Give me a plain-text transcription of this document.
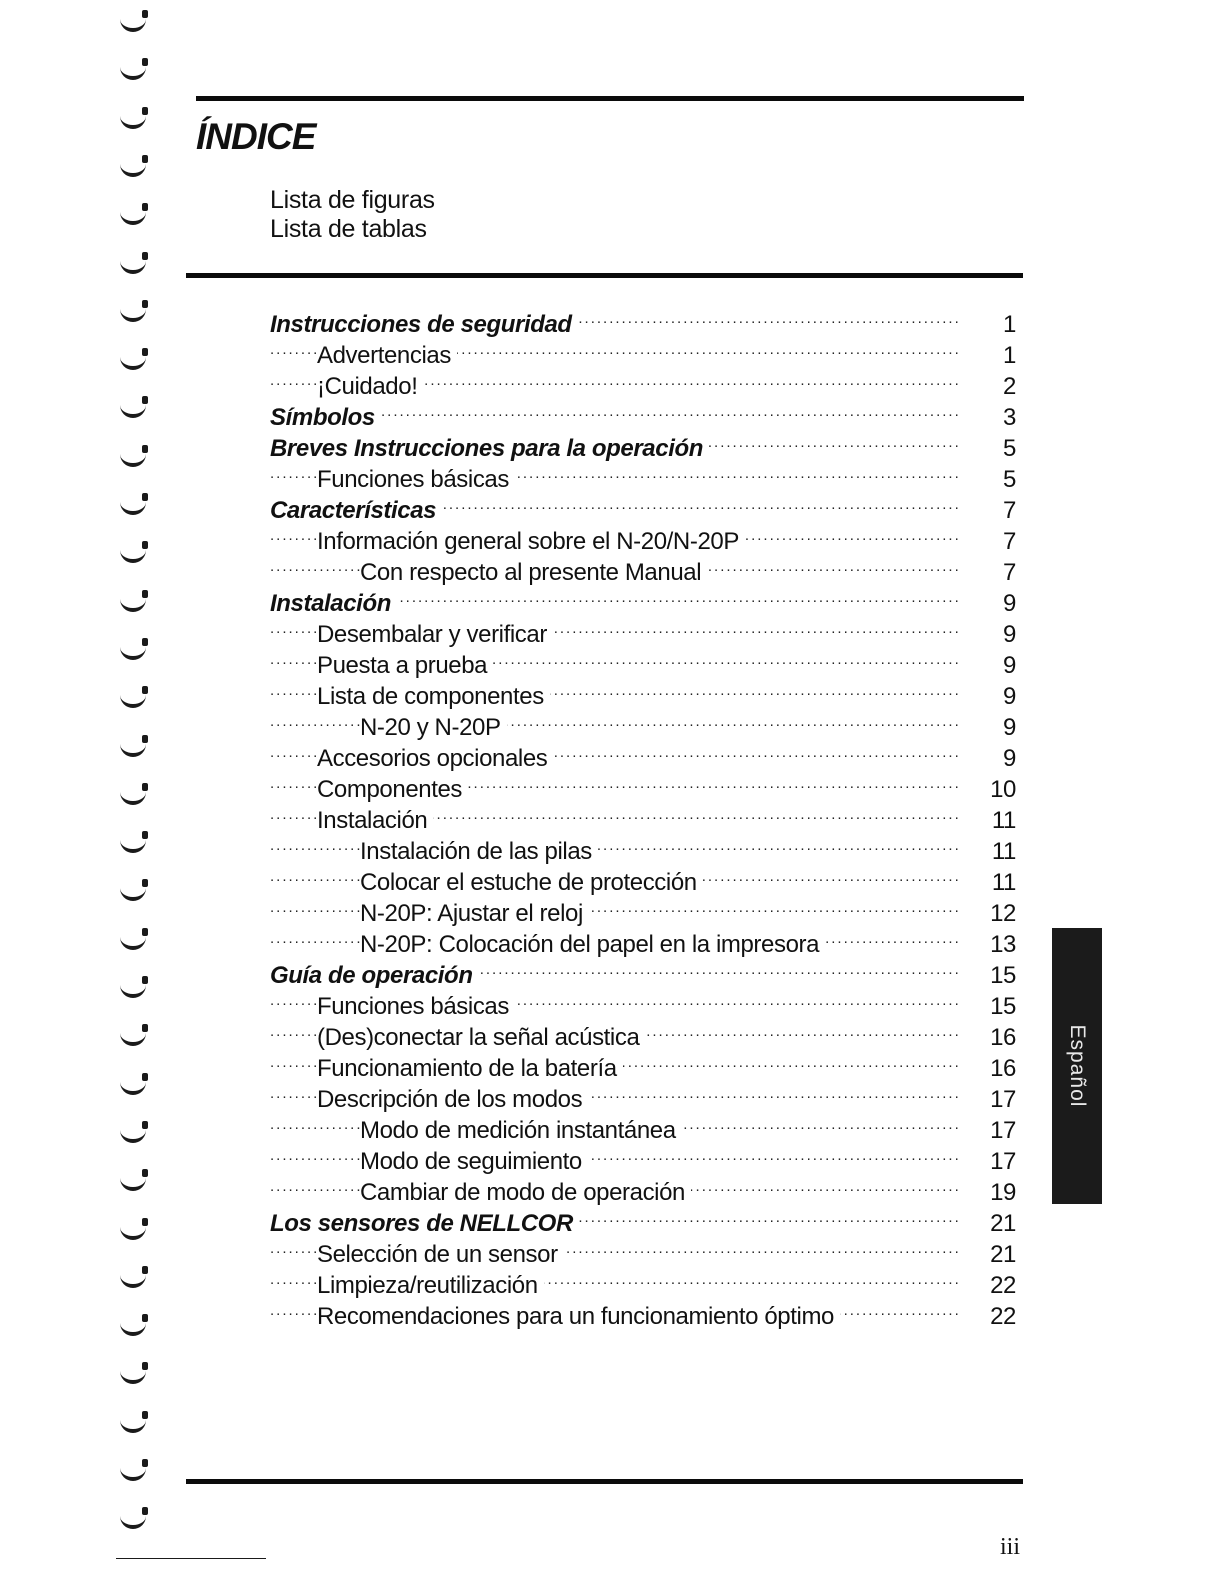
ÍNDICE
Lista de figuras
Lista de tablas
.....
Instrucciones de seguridad	1
.....
Advertencias	1
.....
¡Cuidado!	2
.....
Símbolos	3
.....
Breves Instrucciones para la operación	5
.....
Funciones básicas	5
.....
Características	7
.....
Información general sobre el N-20/N-20P	7
.....
Con respecto al presente Manual	7
.....
Instalación	9
.....
Desembalar y verificar	9
.....
Puesta a prueba	9
.....
Lista de componentes	9
.....
N-20 y N-20P	9
.....
Accesorios opcionales	9
.....
Componentes	10
.....
Instalación	11
.....
Instalación de las pilas	11
.....
Colocar el estuche de protección	11
.....
N-20P: Ajustar el reloj	12
.....
N-20P: Colocación del papel en la impresora	13
.....
Guía de operación	15
.....
Funciones básicas	15
.....
(Des)conectar la señal acústica	16
.....
Funcionamiento de la batería	16
.....
Descripción de los modos	17
.....
Modo de medición instantánea	17
.....
Modo de seguimiento	17
.....
Cambiar de modo de operación	19
.....
Los sensores de NELLCOR	21
.....
Selección de un sensor	21
.....
Limpieza/reutilización	22
.....
Recomendaciones para un funcionamiento óptimo	22
Español
iii
